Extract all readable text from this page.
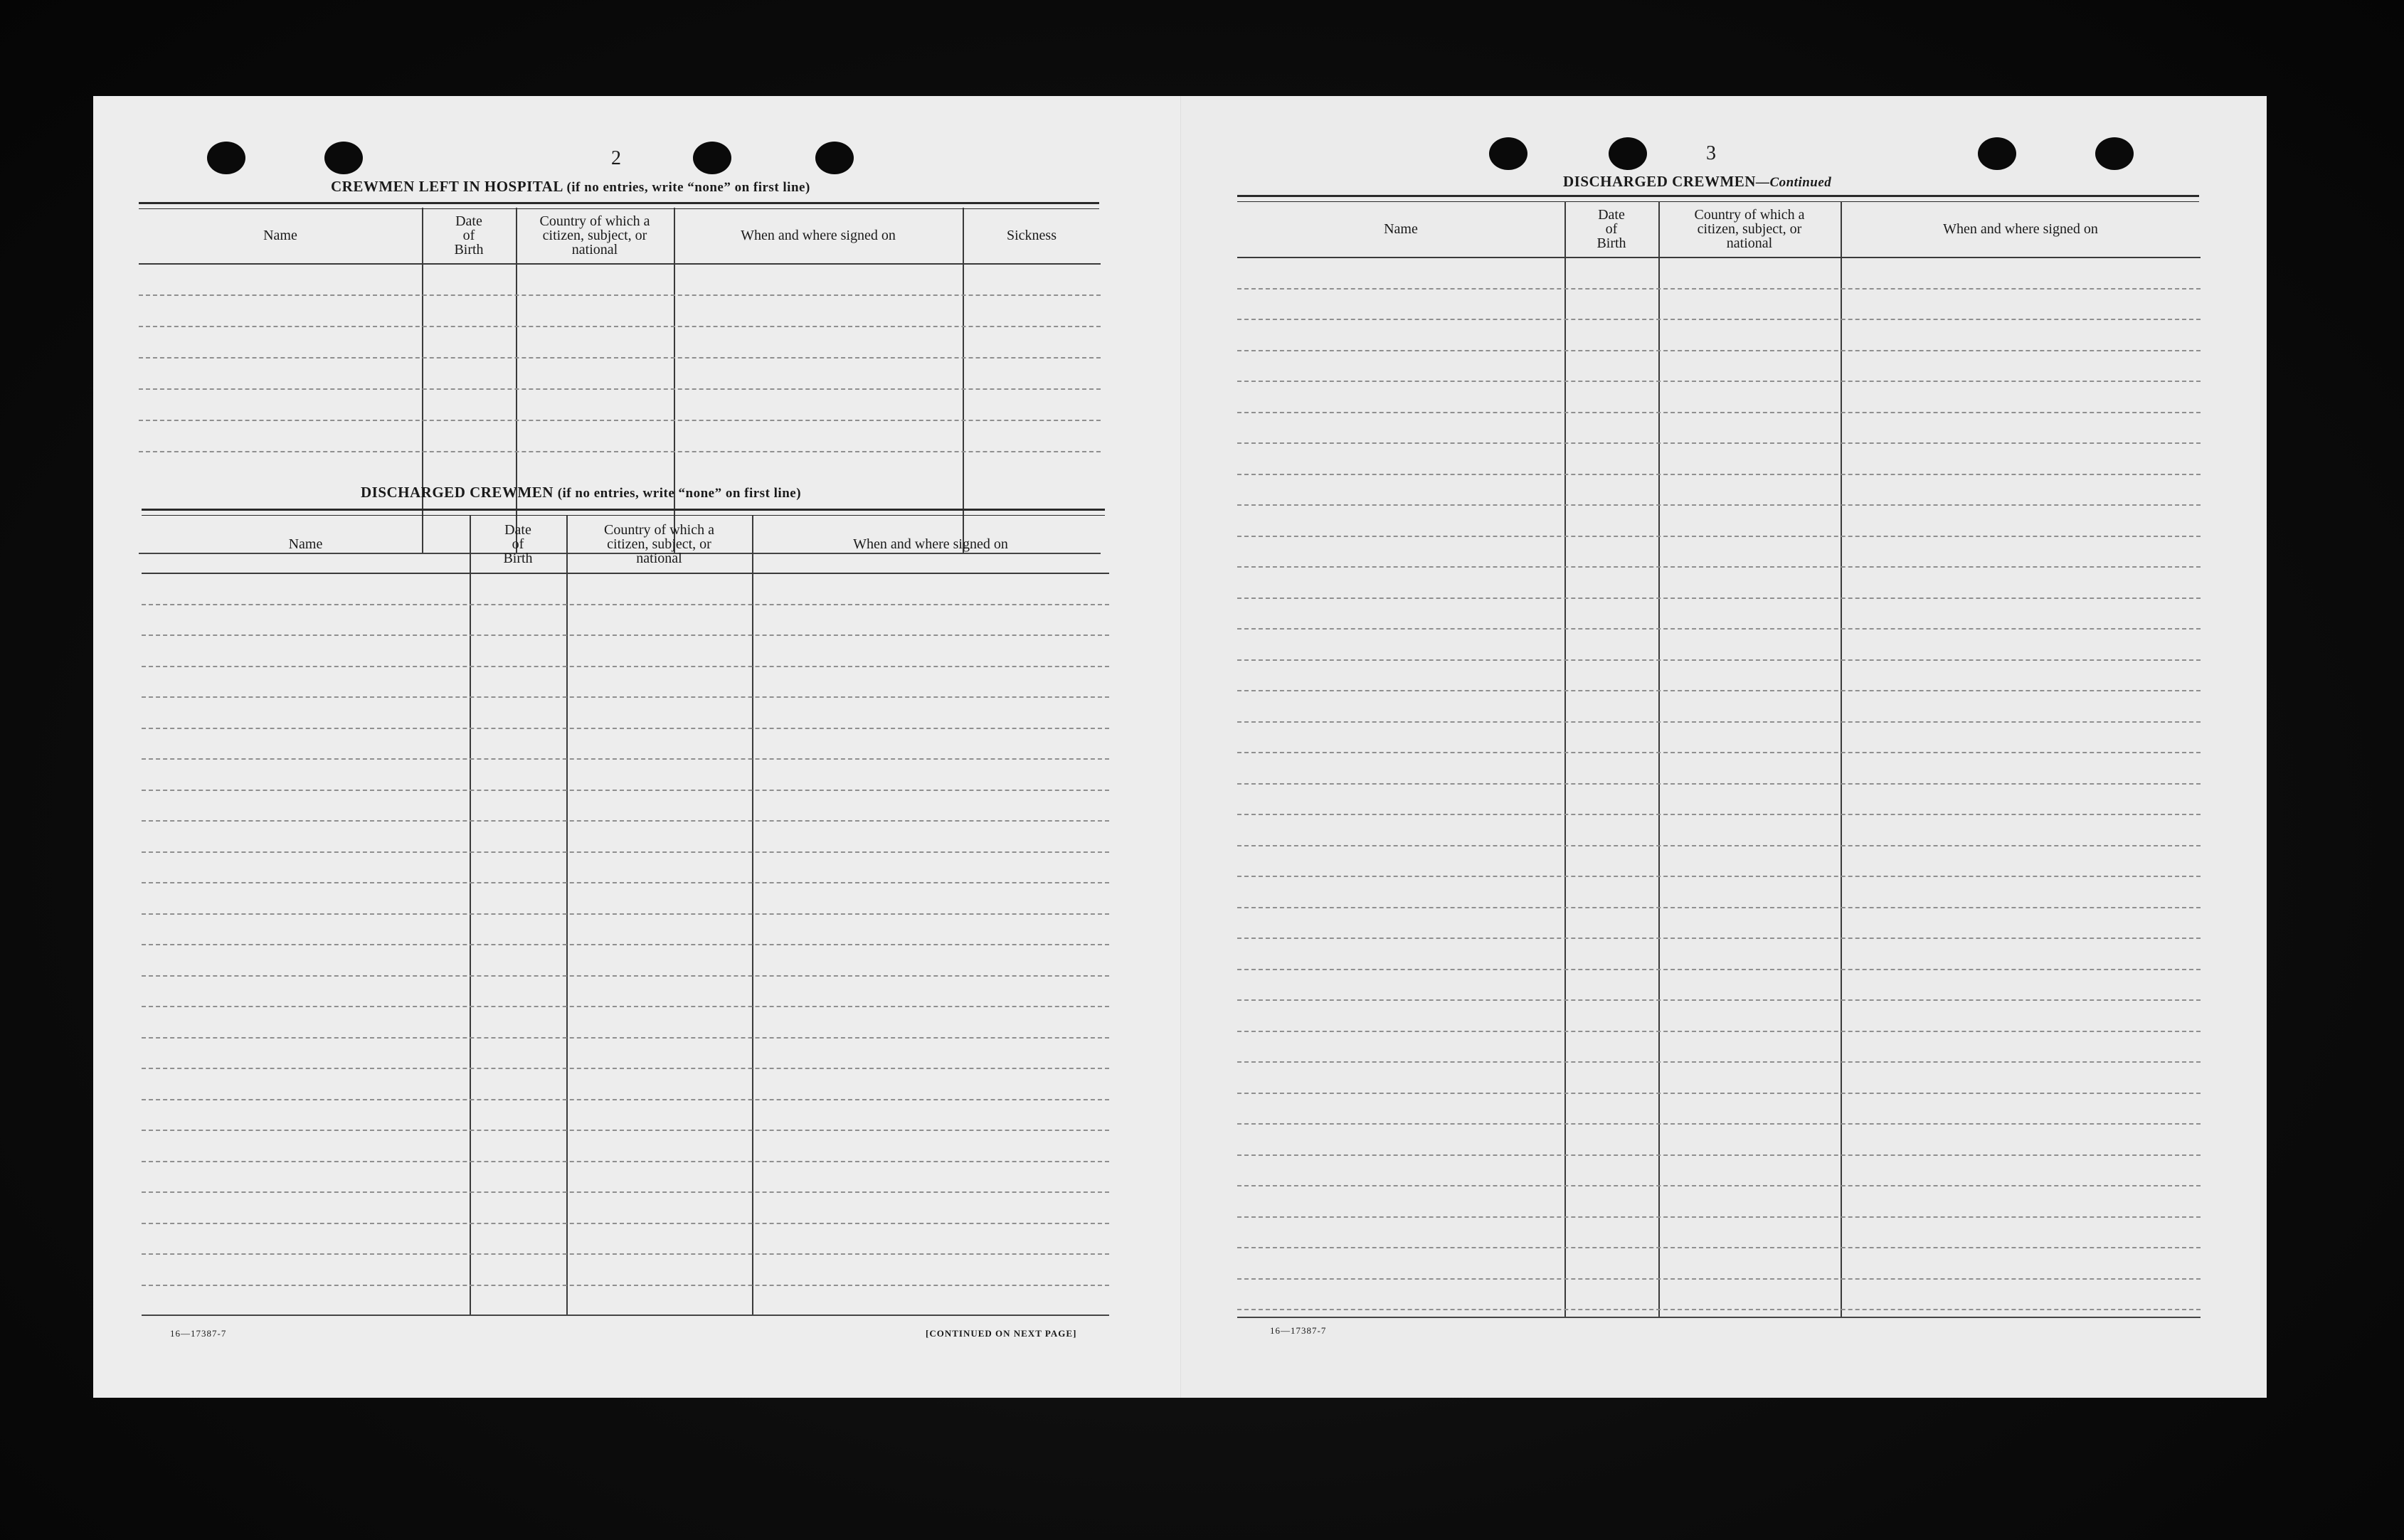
2
CREWMEN LEFT IN HOSPITAL (if no entries, write “none” on first line)
Name
Date
of
Birth
Country of which a
citizen, subject, or
national
When and where signed on	Sickness
DISCHARGED CREWMEN (if no entries, write “none” on first line)
Name
Date
of
Birth
Country of which a
citizen, subject, or
national
When and where signed on
16—17387-7	[CONTINUED ON NEXT PAGE]
3
DISCHARGED CREWMEN—Continued
Name
Date
of
Birth
Country of which a
citizen, subject, or
national
When and where signed on
16—17387-7
